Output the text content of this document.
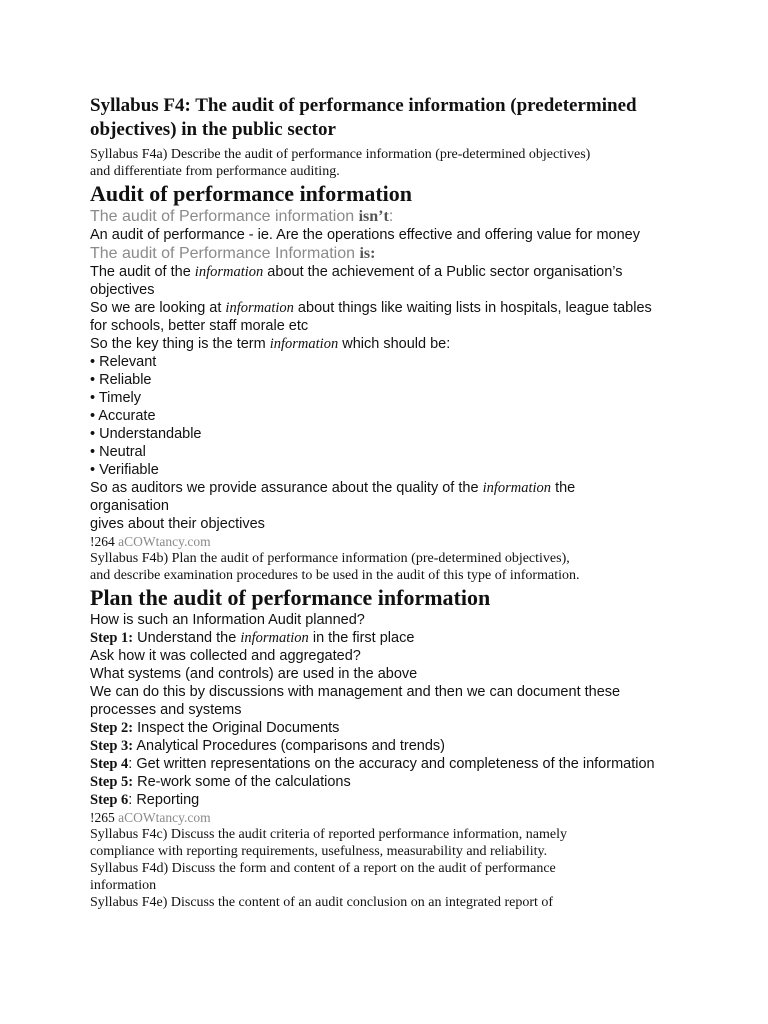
Syllabus F4: The audit of performance information (predetermined
objectives) in the public sector
Syllabus F4a) Describe the audit of performance information (pre-determined objectives)
and differentiate from performance auditing.
Audit of performance information
The audit of Performance information isn’t:
An audit of performance - ie. Are the operations effective and offering value for money
The audit of Performance Information is:
The audit of the information about the achievement of a Public sector organisation’s
objectives
So we are looking at information about things like waiting lists in hospitals, league tables
for schools, better staff morale etc
So the key thing is the term information which should be:
• Relevant
• Reliable
• Timely
• Accurate
• Understandable
• Neutral
• Verifiable
So as auditors we provide assurance about the quality of the information the
organisation
gives about their objectives
!264 aCOWtancy.com
Syllabus F4b) Plan the audit of performance information (pre-determined objectives),
and describe examination procedures to be used in the audit of this type of information.
Plan the audit of performance information
How is such an Information Audit planned?
Step 1: Understand the information in the first place
Ask how it was collected and aggregated?
What systems (and controls) are used in the above
We can do this by discussions with management and then we can document these
processes and systems
Step 2: Inspect the Original Documents
Step 3: Analytical Procedures (comparisons and trends)
Step 4: Get written representations on the accuracy and completeness of the information
Step 5: Re-work some of the calculations
Step 6: Reporting
!265 aCOWtancy.com
Syllabus F4c) Discuss the audit criteria of reported performance information, namely
compliance with reporting requirements, usefulness, measurability and reliability.
Syllabus F4d) Discuss the form and content of a report on the audit of performance
information
Syllabus F4e) Discuss the content of an audit conclusion on an integrated report of
